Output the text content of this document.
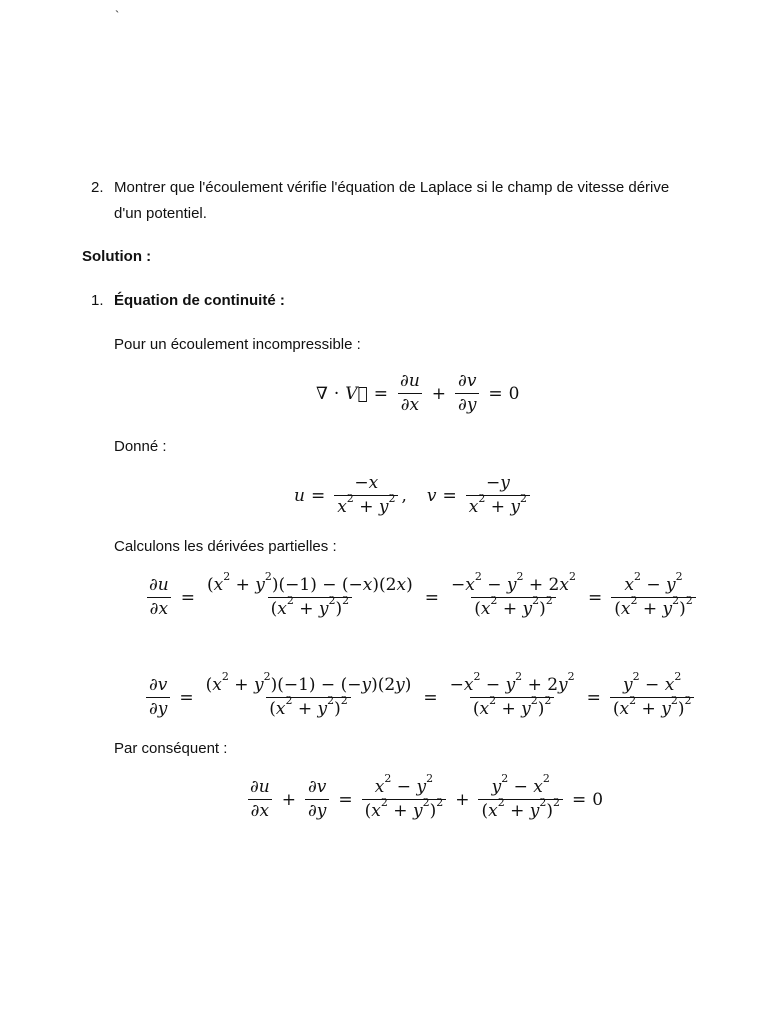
`
2. Montrer que l'écoulement vérifie l'équation de Laplace si le champ de vitesse dérive
d'un potentiel.
Solution :
1. Équation de continuité :
Pour un écoulement incompressible :
∇ · V⃗ = $\frac{\partial u}{\partial x} + \frac{\partial v}{\partial y} = 0$
Donné :
$u = \frac{-x}{x^2 + y^2}$ , $v = \frac{-y}{x^2 + y^2}$
Calculons les dérivées partielles :
$\frac{\partial u}{\partial x} = \frac{(x^2 + y^2)(-1) - (-x)(2x)}{(x^2 + y^2)^2} = \frac{-x^2 - y^2 + 2x^2}{(x^2 + y^2)^2} = \frac{x^2 - y^2}{(x^2 + y^2)^2}$
$\frac{\partial v}{\partial y} = \frac{(x^2 + y^2)(-1) - (-y)(2y)}{(x^2 + y^2)^2} = \frac{-x^2 - y^2 + 2y^2}{(x^2 + y^2)^2} = \frac{y^2 - x^2}{(x^2 + y^2)^2}$
Par conséquent :
$\frac{\partial u}{\partial x} + \frac{\partial v}{\partial y} = \frac{x^2 - y^2}{(x^2 + y^2)^2} + \frac{y^2 - x^2}{(x^2 + y^2)^2} = 0$
